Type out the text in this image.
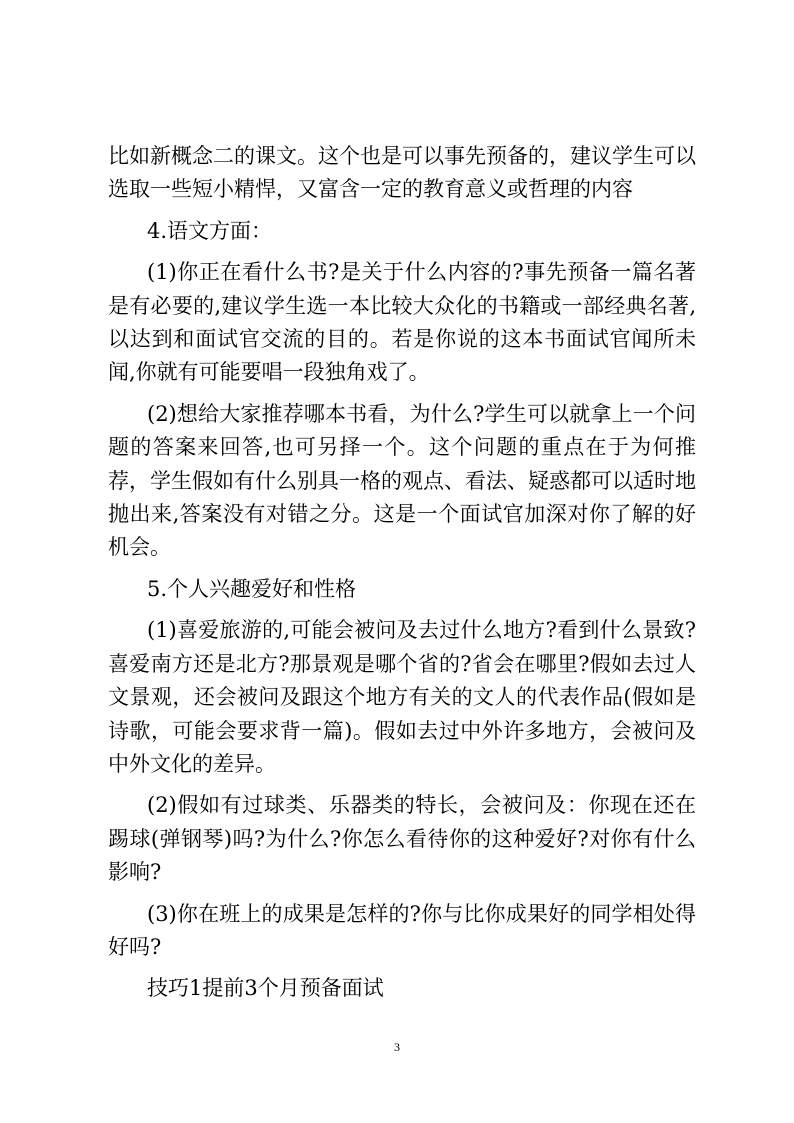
比如新概念二的课文。这个也是可以事先预备的，建议学生可以选取一些短小精悍，又富含一定的教育意义或哲理的内容

4.语文方面：

(1)你正在看什么书?是关于什么内容的?事先预备一篇名著是有必要的,建议学生选一本比较大众化的书籍或一部经典名著,以达到和面试官交流的目的。若是你说的这本书面试官闻所未闻,你就有可能要唱一段独角戏了。

(2)想给大家推荐哪本书看，为什么?学生可以就拿上一个问题的答案来回答,也可另择一个。这个问题的重点在于为何推荐，学生假如有什么别具一格的观点、看法、疑惑都可以适时地抛出来,答案没有对错之分。这是一个面试官加深对你了解的好机会。

5.个人兴趣爱好和性格

(1)喜爱旅游的,可能会被问及去过什么地方?看到什么景致?喜爱南方还是北方?那景观是哪个省的?省会在哪里?假如去过人文景观，还会被问及跟这个地方有关的文人的代表作品(假如是诗歌，可能会要求背一篇)。假如去过中外许多地方，会被问及中外文化的差异。

(2)假如有过球类、乐器类的特长，会被问及：你现在还在踢球(弹钢琴)吗?为什么?你怎么看待你的这种爱好?对你有什么影响?

(3)你在班上的成果是怎样的?你与比你成果好的同学相处得好吗?

技巧1提前3个月预备面试

3
